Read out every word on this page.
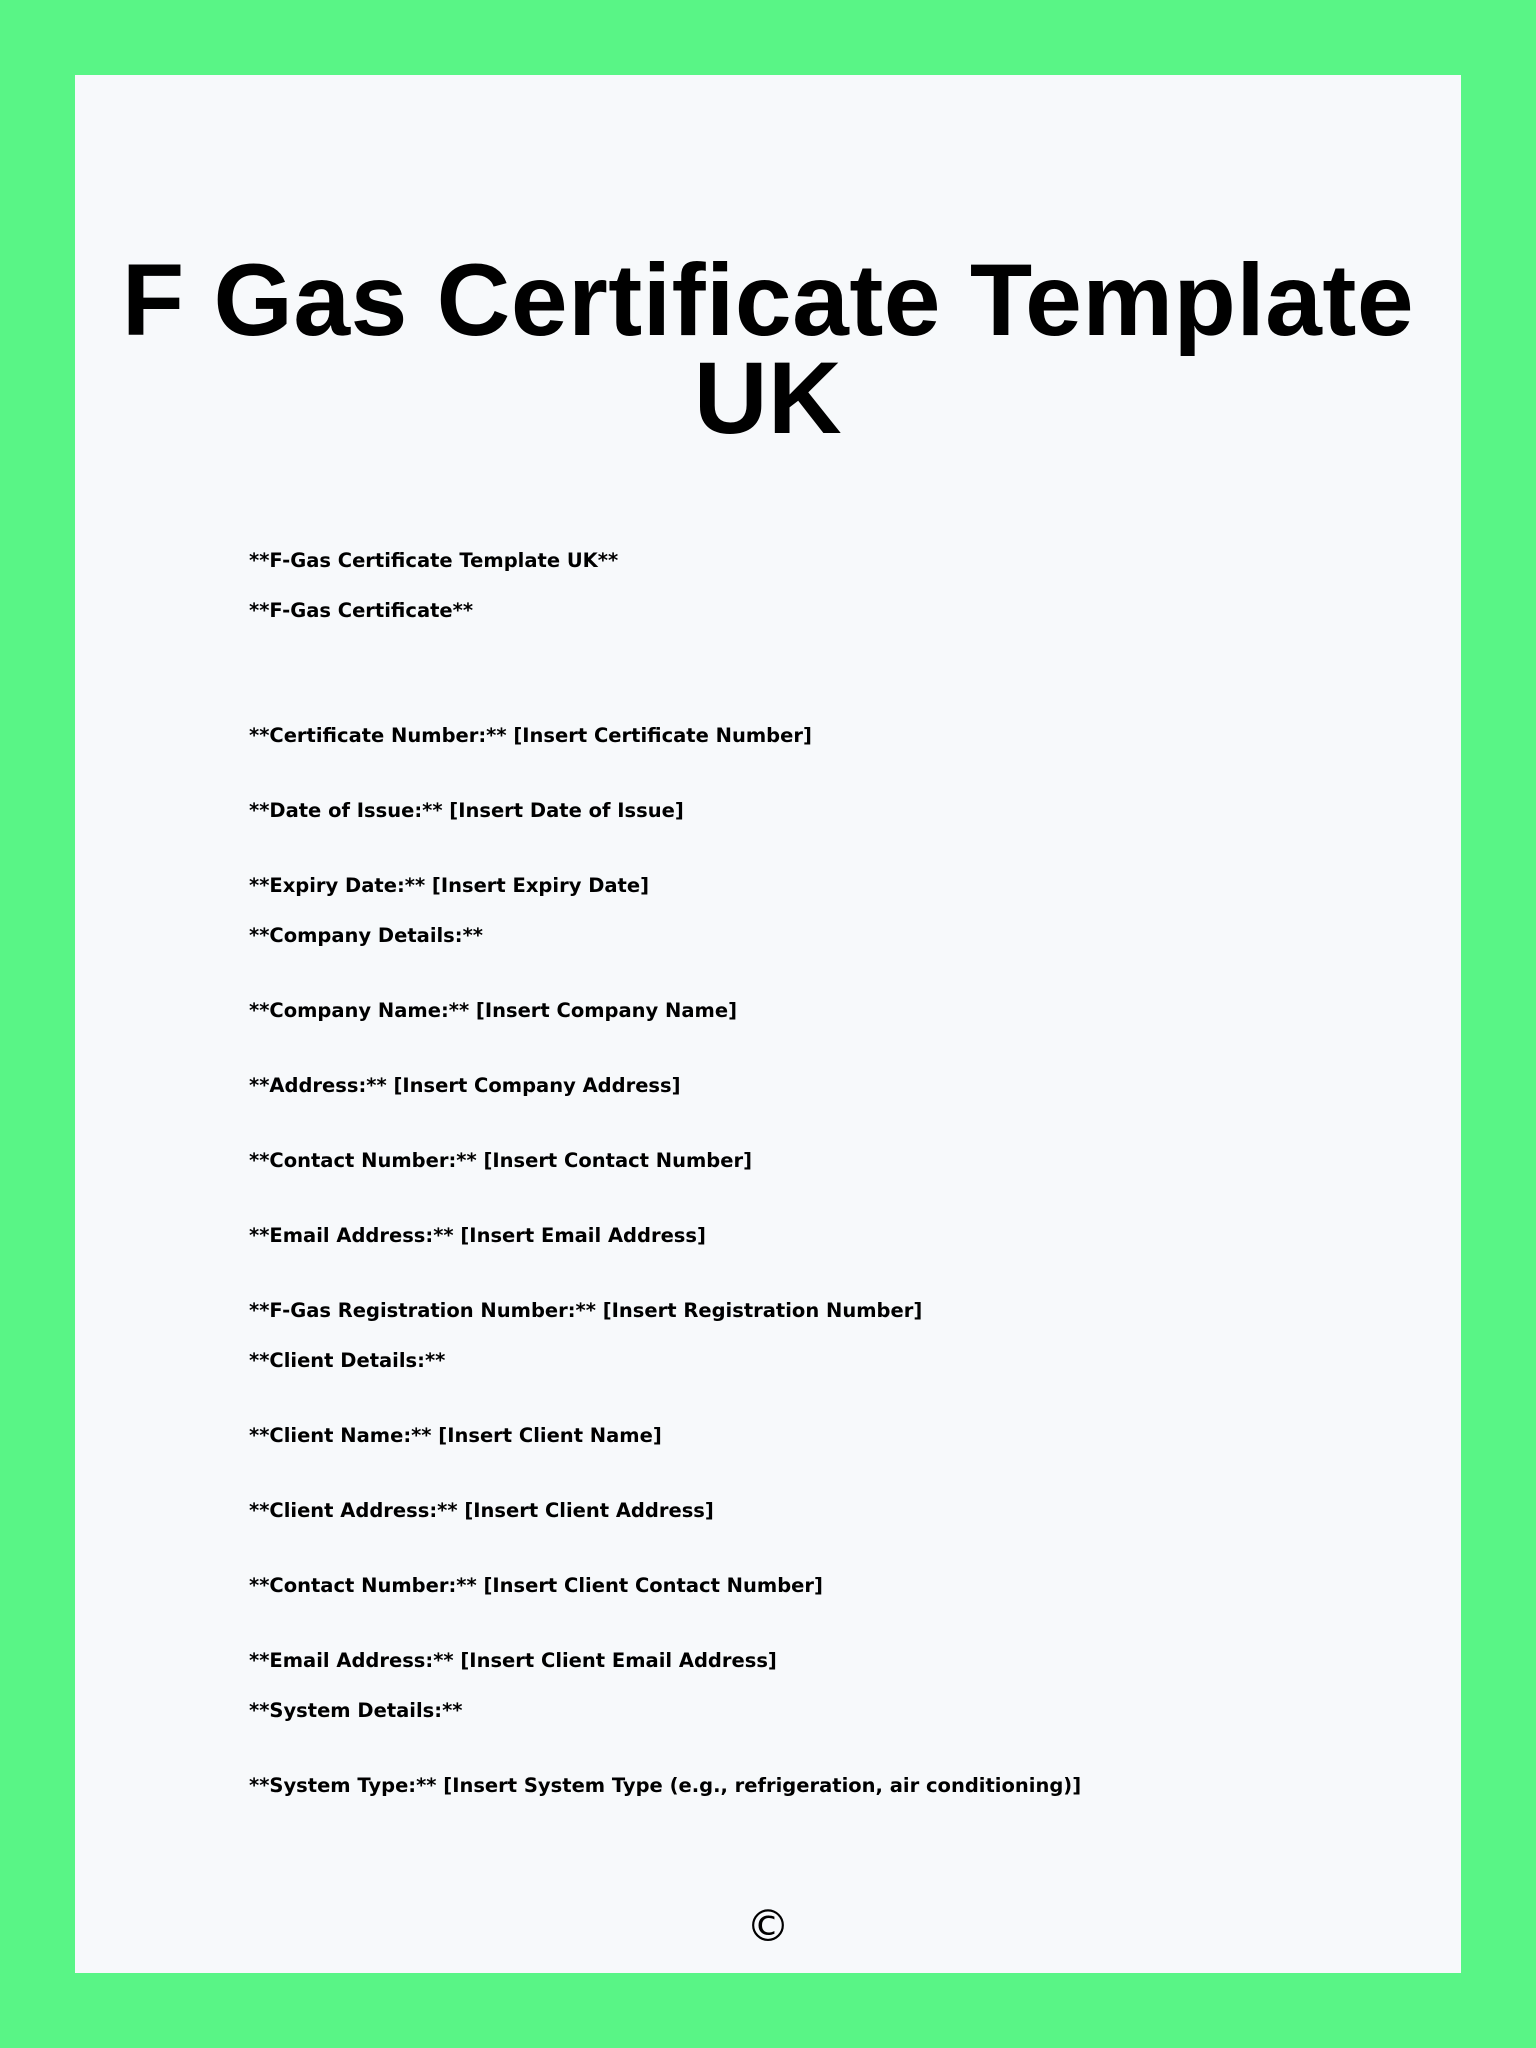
F Gas Certificate Template UK
**F-Gas Certificate Template UK**
**F-Gas Certificate**
**Certificate Number:** [Insert Certificate Number]
**Date of Issue:** [Insert Date of Issue]
**Expiry Date:** [Insert Expiry Date]
**Company Details:**
**Company Name:** [Insert Company Name]
**Address:** [Insert Company Address]
**Contact Number:** [Insert Contact Number]
**Email Address:** [Insert Email Address]
**F-Gas Registration Number:** [Insert Registration Number]
**Client Details:**
**Client Name:** [Insert Client Name]
**Client Address:** [Insert Client Address]
**Contact Number:** [Insert Client Contact Number]
**Email Address:** [Insert Client Email Address]
**System Details:**
**System Type:** [Insert System Type (e.g., refrigeration, air conditioning)]
©
